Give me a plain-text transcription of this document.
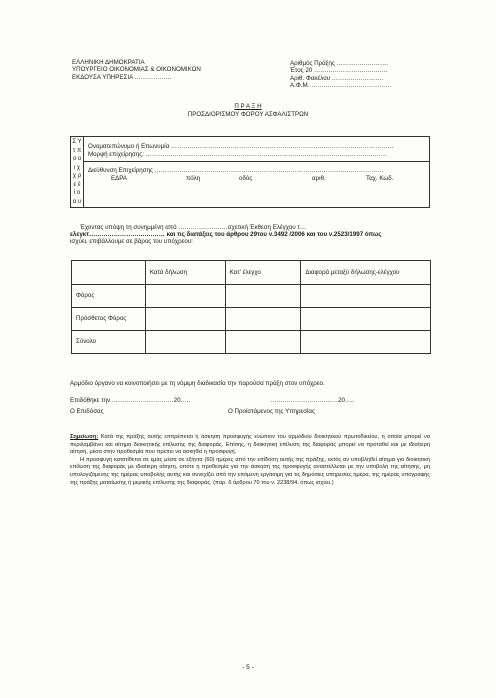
ΕΛΛΗΝΙΚΗ ΔΗΜΟΚΡΑΤΙΑ
ΥΠΟΥΡΓΕΙΟ ΟΙΚΟΝΟΜΙΑΣ & ΟΙΚΟΝΟΜΙΚΩΝ
ΕΚΔΟΥΣΑ ΥΠΗΡΕΣΙΑ ………………
Αριθμός Πράξης …………………….
Έτος 20 …………………….………..
Αριθ. Φακέλου …………………….
Α.Φ.Μ. …………………………………
Π Ρ Α Ξ Η
ΠΡΟΣΔΙΟΡΙΣΜΟΥ ΦΟΡΟΥ ΑΣΦΑΛΙΣΤΡΩΝ
Σ Υ
τ π
ο ο
ι χ
χ ρ
ε έ
ί ο
α υ
Ονοματεπώνυμο ή Επωνυμία ………………………………………………………………………………………………
Μορφή επιχείρησης: ………………………………………………………………………………………………………
Διεύθυνση Επιχείρησης …………………………………………………………………………………………………
ΕΔΡΑ	πόλη	οδός	αριθ.	Ταχ. Κωδ.
Έχοντας υπόψη τη συνημμένη από ……………………σχετική Έκθεση Ελέγχου τ…
ελεγκτ……………………….……… και τις διατάξεις του άρθρου 29του ν.3492 /2006 και του ν.2523/1997 όπως
ισχύει, επιβάλλουμε σε βάρος του υπόχρεου:
	Κατά δήλωση	Κατ' έλεγχο	Διαφορά μεταξύ δήλωσης-ελέγχου
Φόρος			
Πρόσθετος Φόρος			
Σύνολο			
Αρμόδιο όργανο να κοινοποιήσει με τη νόμιμη διαδικασία την παρούσα πράξη στον υπόχρεο.
Επιδόθηκε την …………………………20…..	……………………………20…..
Ο Επιδόσας	Ο Προϊστάμενος της Υπηρεσίας

Σημείωση: Κατά της πράξης αυτής επιτρέπεται η άσκηση προσφυγής ενώπιον του αρμόδιου διοικητικού πρωτοδικείου, η οποία μπορεί να περιλαμβάνει και αίτημα διοικητικής επίλυσης της διαφοράς. Επίσης, η διοικητική επίλυση της διαφοράς μπορεί να προταθεί και με ιδιαίτερη αίτηση, μέσα στην προθεσμία που πρέπει να ασκηθεί η προσφυγή.

Η προσφυγή κατατίθεται σε εμάς μέσα σε εξήντα (60) ημέρες από την επίδοση αυτής της πράξης, εκτός αν υποβληθεί αίτημα για διοικητική επίλυση της διαφοράς με ιδιαίτερη αίτηση, οπότε η προθεσμία για την άσκηση της προσφυγής αναστέλλεται με την υποβολή της αίτησης, μη υπολογιζόμενης της ημέρας υποβολής αυτής και συνεχίζει από την επόμενη εργάσιμη για τις δημόσιες υπηρεσίες ημέρα, της ημέρας υπογραφής της πράξης ματαίωσης ή μερικής επίλυσης της διαφοράς. (παρ. 6 άρθρου 70 του ν. 2238/94, όπως ισχύει.)

- 5 -
